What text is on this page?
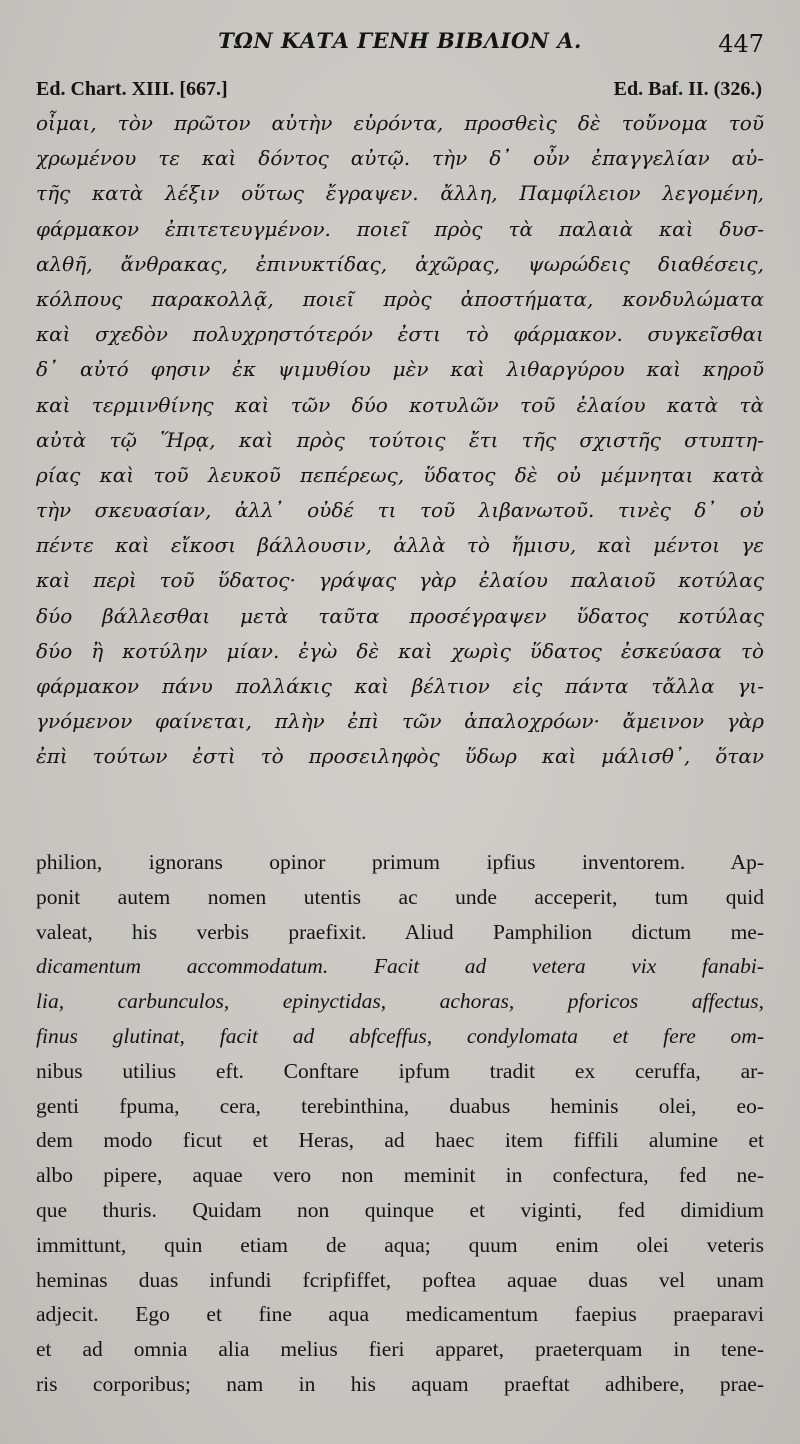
ΤΩΝ ΚΑΤΑ ΓΕΝΗ ΒΙΒΛΙΟΝ Α.	447
Ed. Chart. XIII. [667.]	Ed. Baf. II. (326.)
οἶμαι, τὸν πρῶτον αὐτὴν εὑρόντα, προσθεὶς δὲ τοὔνομα τοῦ
χρωμένου τε καὶ δόντος αὐτῷ. τὴν δ᾽ οὖν ἐπαγγελίαν αὐ-
τῆς κατὰ λέξιν οὕτως ἔγραψεν. ἄλλη, Παμφίλειον λεγομένη,
φάρμακον ἐπιτετευγμένον. ποιεῖ πρὸς τὰ παλαιὰ καὶ δυσ-
αλθῆ, ἄνθρακας, ἐπινυκτίδας, ἀχῶρας, ψωρώδεις διαθέσεις,
κόλπους παρακολλᾷ, ποιεῖ πρὸς ἀποστήματα, κονδυλώματα
καὶ σχεδὸν πολυχρηστότερόν ἐστι τὸ φάρμακον. συγκεῖσθαι
δ᾽ αὐτό φησιν ἐκ ψιμυθίου μὲν καὶ λιθαργύρου καὶ κηροῦ
καὶ τερμινθίνης καὶ τῶν δύο κοτυλῶν τοῦ ἐλαίου κατὰ τὰ
αὐτὰ τῷ Ἥρᾳ, καὶ πρὸς τούτοις ἔτι τῆς σχιστῆς στυπτη-
ρίας καὶ τοῦ λευκοῦ πεπέρεως, ὕδατος δὲ οὐ μέμνηται κατὰ
τὴν σκευασίαν, ἀλλ᾽ οὐδέ τι τοῦ λιβανωτοῦ. τινὲς δ᾽ οὐ
πέντε καὶ εἴκοσι βάλλουσιν, ἀλλὰ τὸ ἥμισυ, καὶ μέντοι γε
καὶ περὶ τοῦ ὕδατος· γράψας γὰρ ἐλαίου παλαιοῦ κοτύλας
δύο βάλλεσθαι μετὰ ταῦτα προσέγραψεν ὕδατος κοτύλας
δύο ἢ κοτύλην μίαν. ἐγὼ δὲ καὶ χωρὶς ὕδατος ἐσκεύασα τὸ
φάρμακον πάνυ πολλάκις καὶ βέλτιον εἰς πάντα τἄλλα γι-
γνόμενον φαίνεται, πλὴν ἐπὶ τῶν ἁπαλοχρόων· ἄμεινον γὰρ
ἐπὶ τούτων ἐστὶ τὸ προσειληφὸς ὕδωρ καὶ μάλισθ᾽, ὅταν
philion, ignorans opinor primum ipfius inventorem. Ap-
ponit autem nomen utentis ac unde acceperit, tum quid
valeat, his verbis praefixit. Aliud Pamphilion dictum me-
dicamentum accommodatum. Facit ad vetera vix fanabi-
lia, carbunculos, epinyctidas, achoras, pforicos affectus,
finus glutinat, facit ad abfceffus, condylomata et fere om-
nibus utilius eft. Conftare ipfum tradit ex ceruffa, ar-
genti fpuma, cera, terebinthina, duabus heminis olei, eo-
dem modo ficut et Heras, ad haec item fiffili alumine et
albo pipere, aquae vero non meminit in confectura, fed ne-
que thuris. Quidam non quinque et viginti, fed dimidium
immittunt, quin etiam de aqua; quum enim olei veteris
heminas duas infundi fcripfiffet, poftea aquae duas vel unam
adjecit. Ego et fine aqua medicamentum faepius praeparavi
et ad omnia alia melius fieri apparet, praeterquam in tene-
ris corporibus; nam in his aquam praeftat adhibere, prae-
